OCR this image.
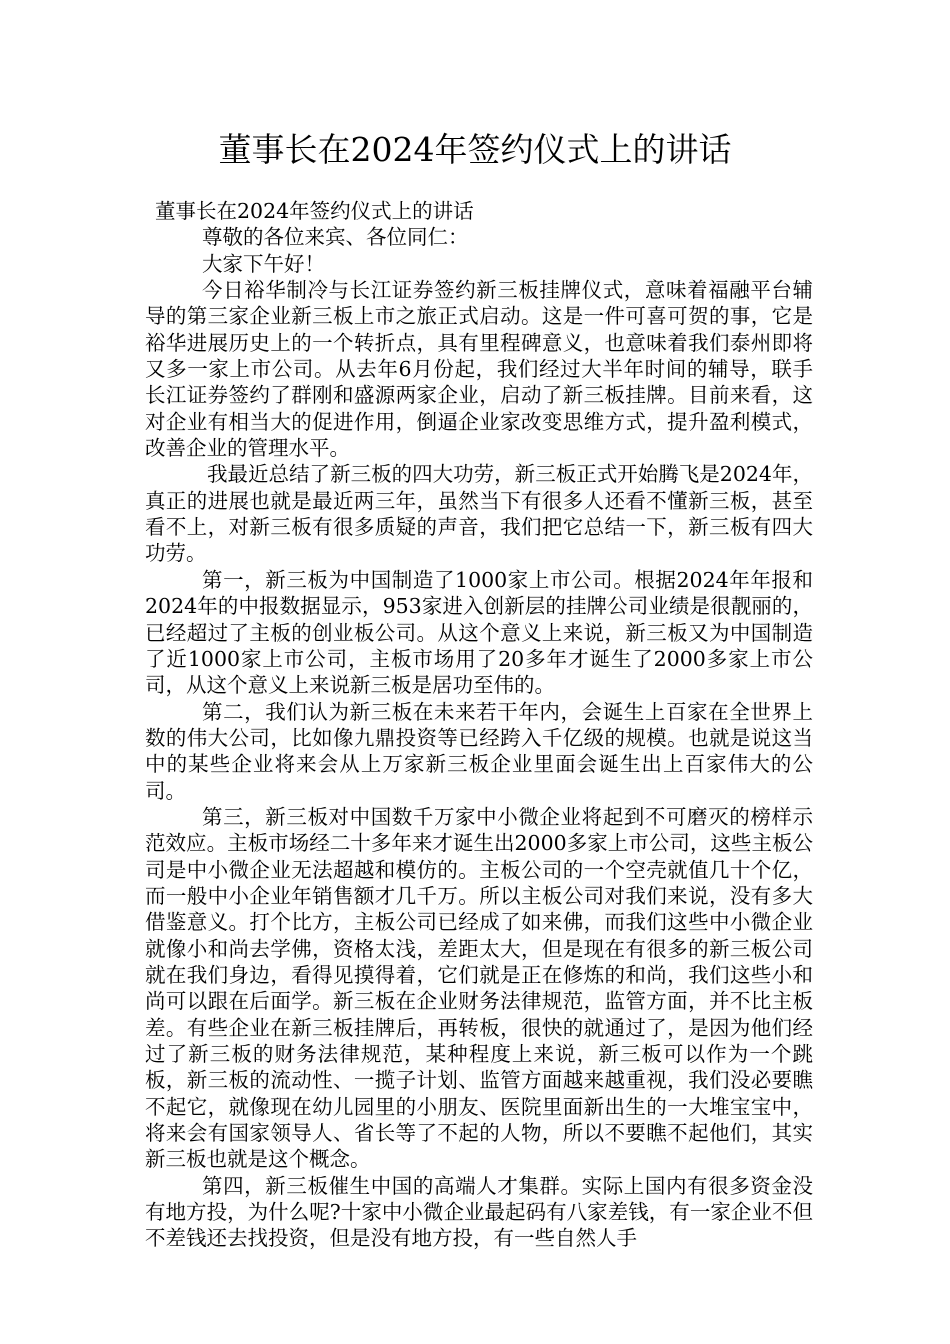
董事长在2024年签约仪式上的讲话

董事长在2024年签约仪式上的讲话

尊敬的各位来宾、各位同仁：

大家下午好！

今日裕华制冷与长江证券签约新三板挂牌仪式，意味着福融平台辅导的第三家企业新三板上市之旅正式启动。这是一件可喜可贺的事，它是裕华进展历史上的一个转折点，具有里程碑意义，也意味着我们泰州即将又多一家上市公司。从去年6月份起，我们经过大半年时间的辅导，联手长江证券签约了群刚和盛源两家企业，启动了新三板挂牌。目前来看，这对企业有相当大的促进作用，倒逼企业家改变思维方式，提升盈利模式，改善企业的管理水平。

我最近总结了新三板的四大功劳，新三板正式开始腾飞是2024年，真正的进展也就是最近两三年，虽然当下有很多人还看不懂新三板，甚至看不上，对新三板有很多质疑的声音，我们把它总结一下，新三板有四大功劳。

第一，新三板为中国制造了1000家上市公司。根据2024年年报和2024年的中报数据显示，953家进入创新层的挂牌公司业绩是很靓丽的，已经超过了主板的创业板公司。从这个意义上来说，新三板又为中国制造了近1000家上市公司，主板市场用了20多年才诞生了2000多家上市公司，从这个意义上来说新三板是居功至伟的。

第二，我们认为新三板在未来若干年内，会诞生上百家在全世界上数的伟大公司，比如像九鼎投资等已经跨入千亿级的规模。也就是说这当中的某些企业将来会从上万家新三板企业里面会诞生出上百家伟大的公司。

第三，新三板对中国数千万家中小微企业将起到不可磨灭的榜样示范效应。主板市场经二十多年来才诞生出2000多家上市公司，这些主板公司是中小微企业无法超越和模仿的。主板公司的一个空壳就值几十个亿，而一般中小企业年销售额才几千万。所以主板公司对我们来说，没有多大借鉴意义。打个比方，主板公司已经成了如来佛，而我们这些中小微企业就像小和尚去学佛，资格太浅，差距太大，但是现在有很多的新三板公司就在我们身边，看得见摸得着，它们就是正在修炼的和尚，我们这些小和尚可以跟在后面学。新三板在企业财务法律规范，监管方面，并不比主板差。有些企业在新三板挂牌后，再转板，很快的就通过了，是因为他们经过了新三板的财务法律规范，某种程度上来说，新三板可以作为一个跳板，新三板的流动性、一揽子计划、监管方面越来越重视，我们没必要瞧不起它，就像现在幼儿园里的小朋友、医院里面新出生的一大堆宝宝中，将来会有国家领导人、省长等了不起的人物，所以不要瞧不起他们，其实新三板也就是这个概念。

第四，新三板催生中国的高端人才集群。实际上国内有很多资金没有地方投，为什么呢?十家中小微企业最起码有八家差钱，有一家企业不但不差钱还去找投资，但是没有地方投，有一些自然人手
